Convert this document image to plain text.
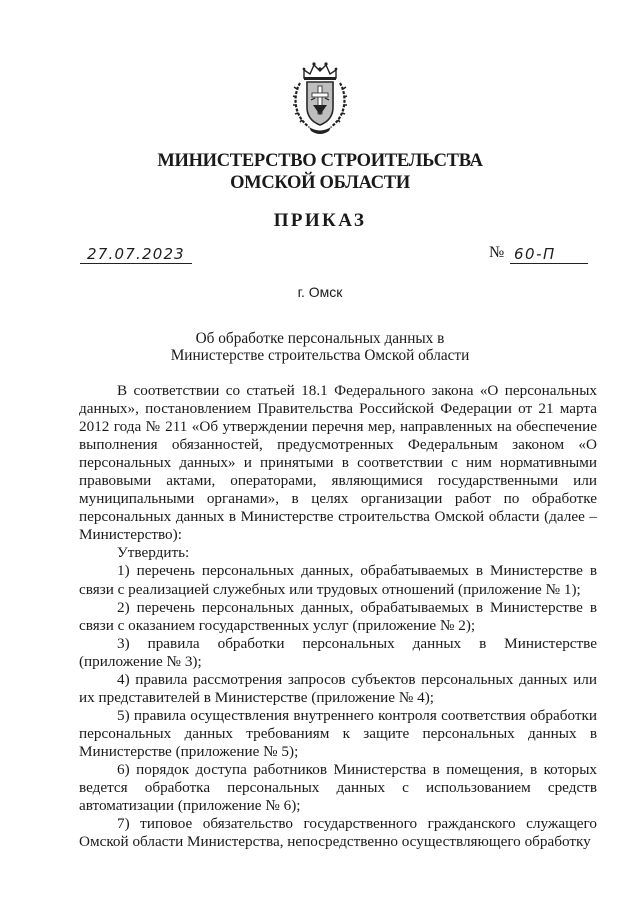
МИНИСТЕРСТВО СТРОИТЕЛЬСТВА
ОМСКОЙ ОБЛАСТИ
ПРИКАЗ
27.07.2023	№ 60-П
г. Омск
Об обработке персональных данных в
Министерстве строительства Омской области

В соответствии со статьей 18.1 Федерального закона «О персональных данных», постановлением Правительства Российской Федерации от 21 марта 2012 года № 211 «Об утверждении перечня мер, направленных на обеспечение выполнения обязанностей, предусмотренных Федеральным законом «О персональных данных» и принятыми в соответствии с ним нормативными правовыми актами, операторами, являющимися государственными или муниципальными органами», в целях организации работ по обработке персональных данных в Министерстве строительства Омской области (далее – Министерство):

Утвердить:

1) перечень персональных данных, обрабатываемых в Министерстве в связи с реализацией служебных или трудовых отношений (приложение № 1);

2) перечень персональных данных, обрабатываемых в Министерстве в связи с оказанием государственных услуг (приложение № 2);

3) правила обработки персональных данных в Министерстве (приложение № 3);

4) правила рассмотрения запросов субъектов персональных данных или их представителей в Министерстве (приложение № 4);

5) правила осуществления внутреннего контроля соответствия обработки персональных данных требованиям к защите персональных данных в Министерстве (приложение № 5);

6) порядок доступа работников Министерства в помещения, в которых ведется обработка персональных данных с использованием средств автоматизации (приложение № 6);

7) типовое обязательство государственного гражданского служащего Омской области Министерства, непосредственно осуществляющего обработку
